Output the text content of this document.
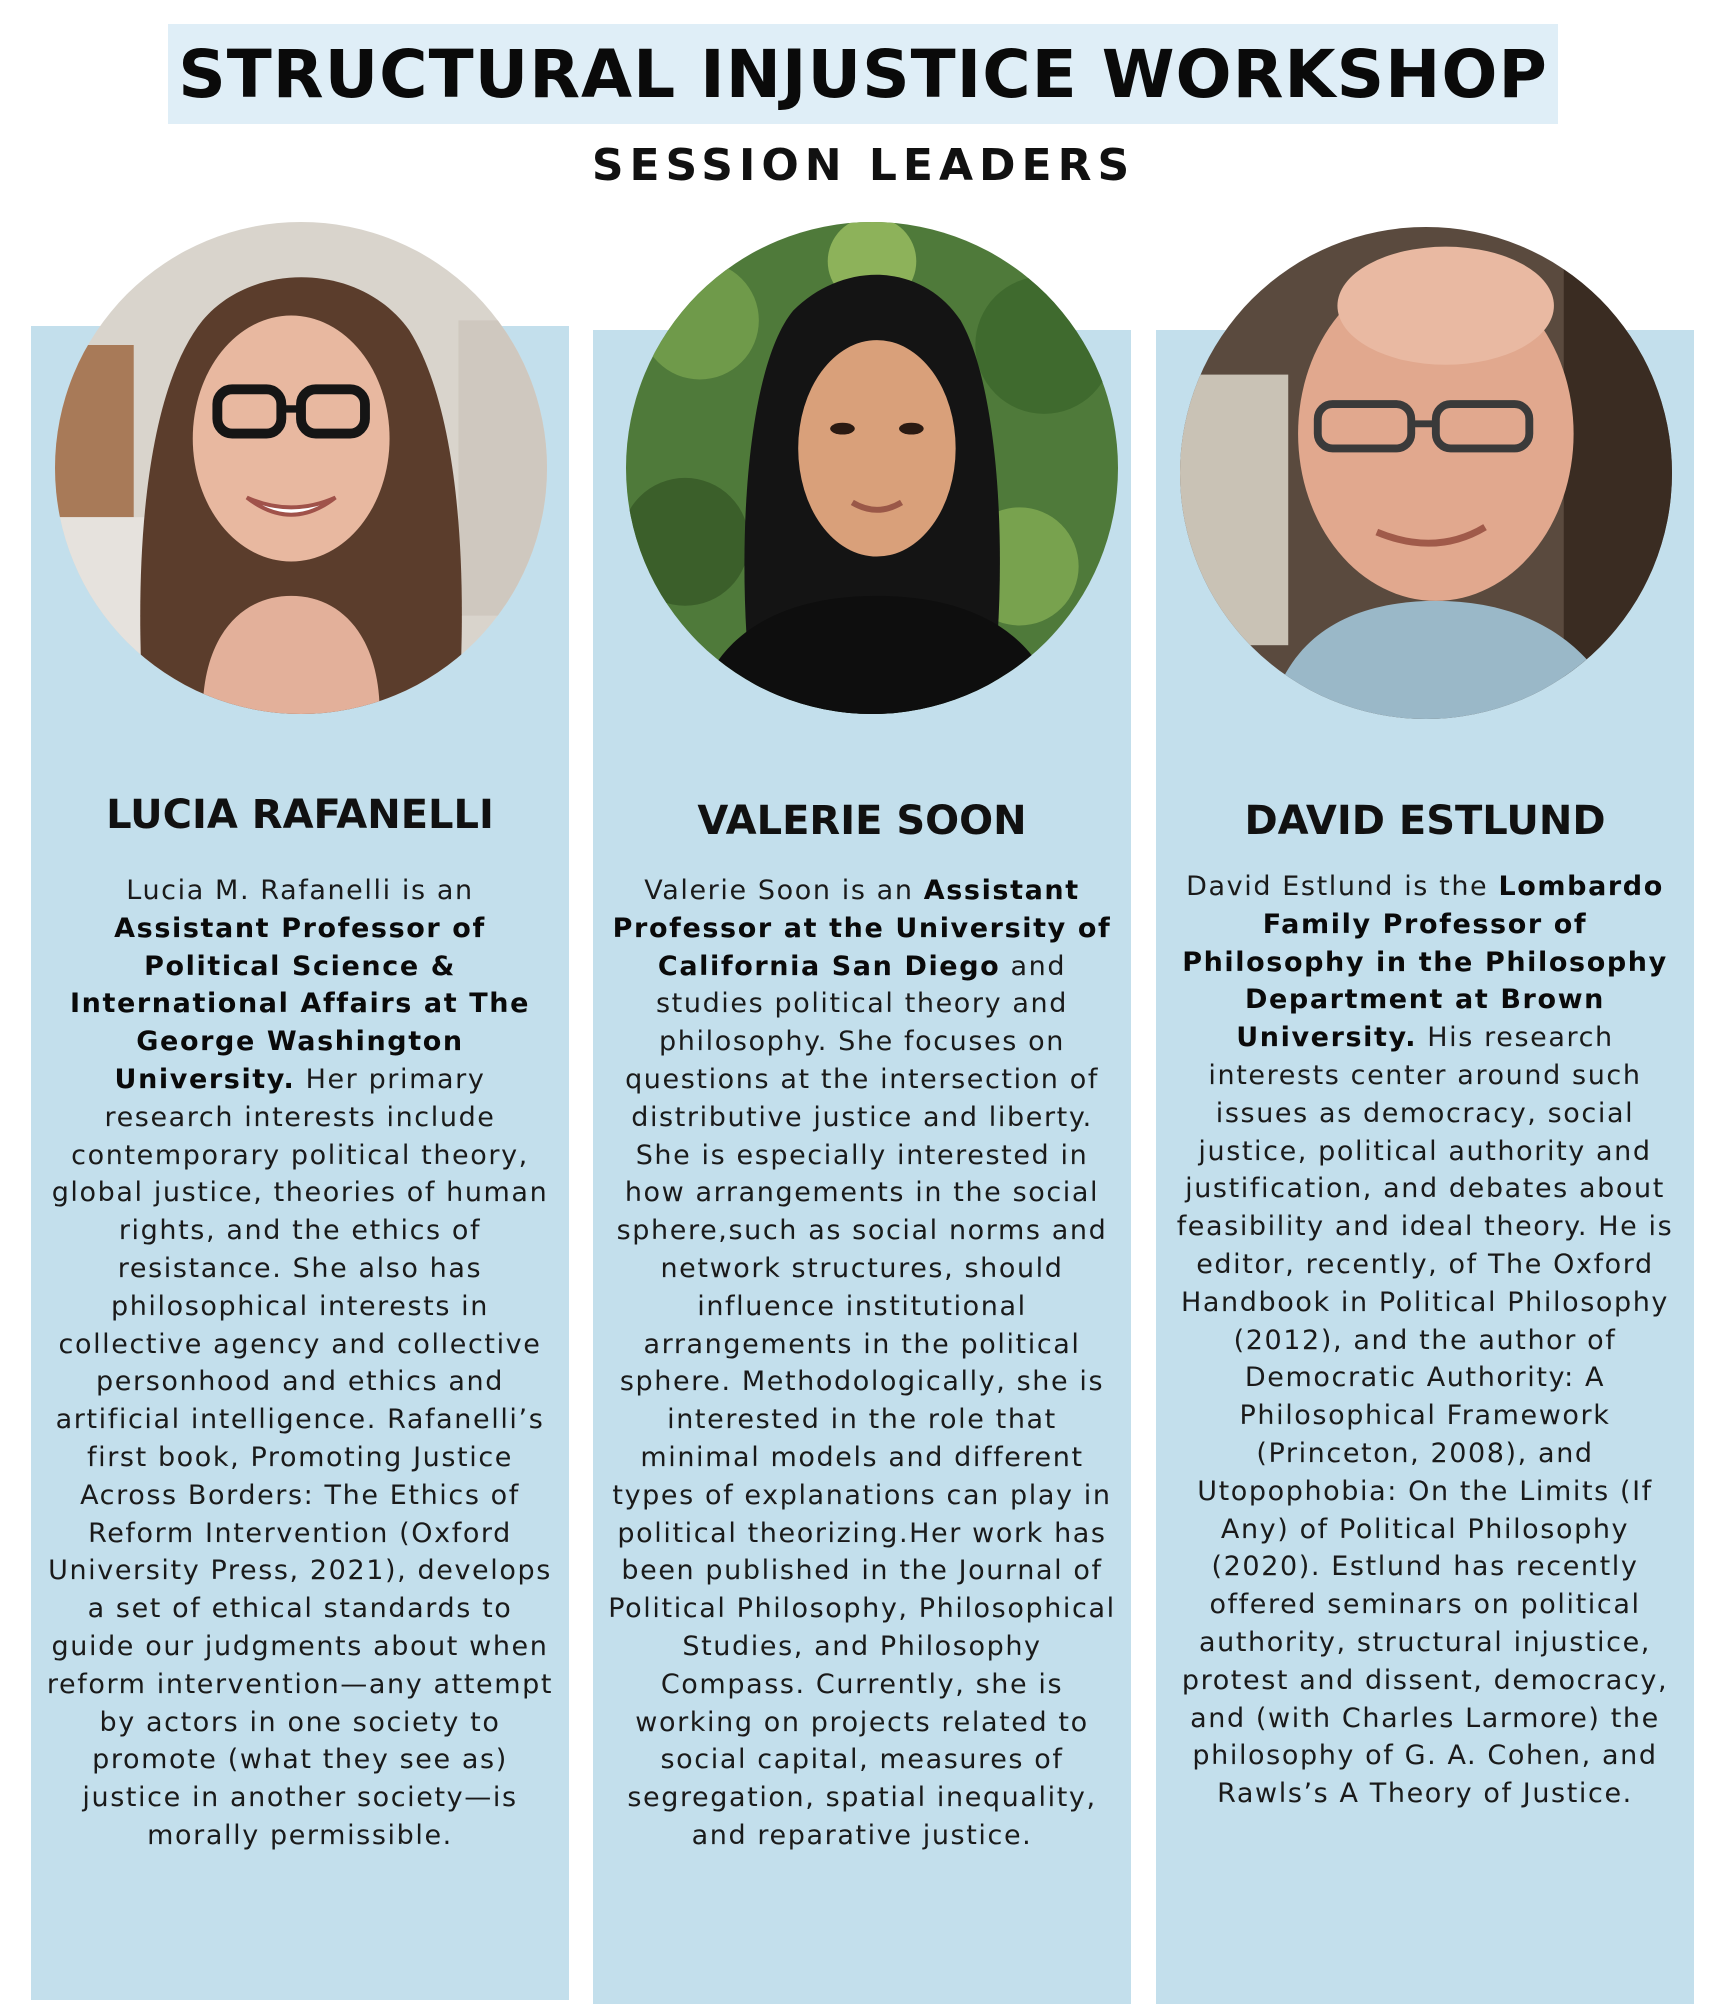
STRUCTURAL INJUSTICE WORKSHOP
SESSION LEADERS
LUCIA RAFANELLI	VALERIE SOON	DAVID ESTLUND

Lucia M. Rafanelli is an Assistant Professor of Political Science & International Affairs at The George Washington University. Her primary research interests include contemporary political theory, global justice, theories of human rights, and the ethics of resistance. She also has philosophical interests in collective agency and collective personhood and ethics and artificial intelligence. Rafanelli’s first book, Promoting Justice Across Borders: The Ethics of Reform Intervention (Oxford University Press, 2021), develops a set of ethical standards to guide our judgments about when reform intervention—any attempt by actors in one society to promote (what they see as) justice in another society—is morally permissible.

Valerie Soon is an Assistant Professor at the University of California San Diego and studies political theory and philosophy. She focuses on questions at the intersection of distributive justice and liberty. She is especially interested in how arrangements in the social sphere,such as social norms and network structures, should influence institutional arrangements in the political sphere. Methodologically, she is interested in the role that minimal models and different types of explanations can play in political theorizing.Her work has been published in the Journal of Political Philosophy, Philosophical Studies, and Philosophy Compass. Currently, she is working on projects related to social capital, measures of segregation, spatial inequality, and reparative justice.

David Estlund is the Lombardo Family Professor of Philosophy in the Philosophy Department at Brown University. His research interests center around such issues as democracy, social justice, political authority and justification, and debates about feasibility and ideal theory. He is editor, recently, of The Oxford Handbook in Political Philosophy (2012), and the author of Democratic Authority: A Philosophical Framework (Princeton, 2008), and Utopophobia: On the Limits (If Any) of Political Philosophy (2020). Estlund has recently offered seminars on political authority, structural injustice, protest and dissent, democracy, and (with Charles Larmore) the philosophy of G. A. Cohen, and Rawls’s A Theory of Justice.
